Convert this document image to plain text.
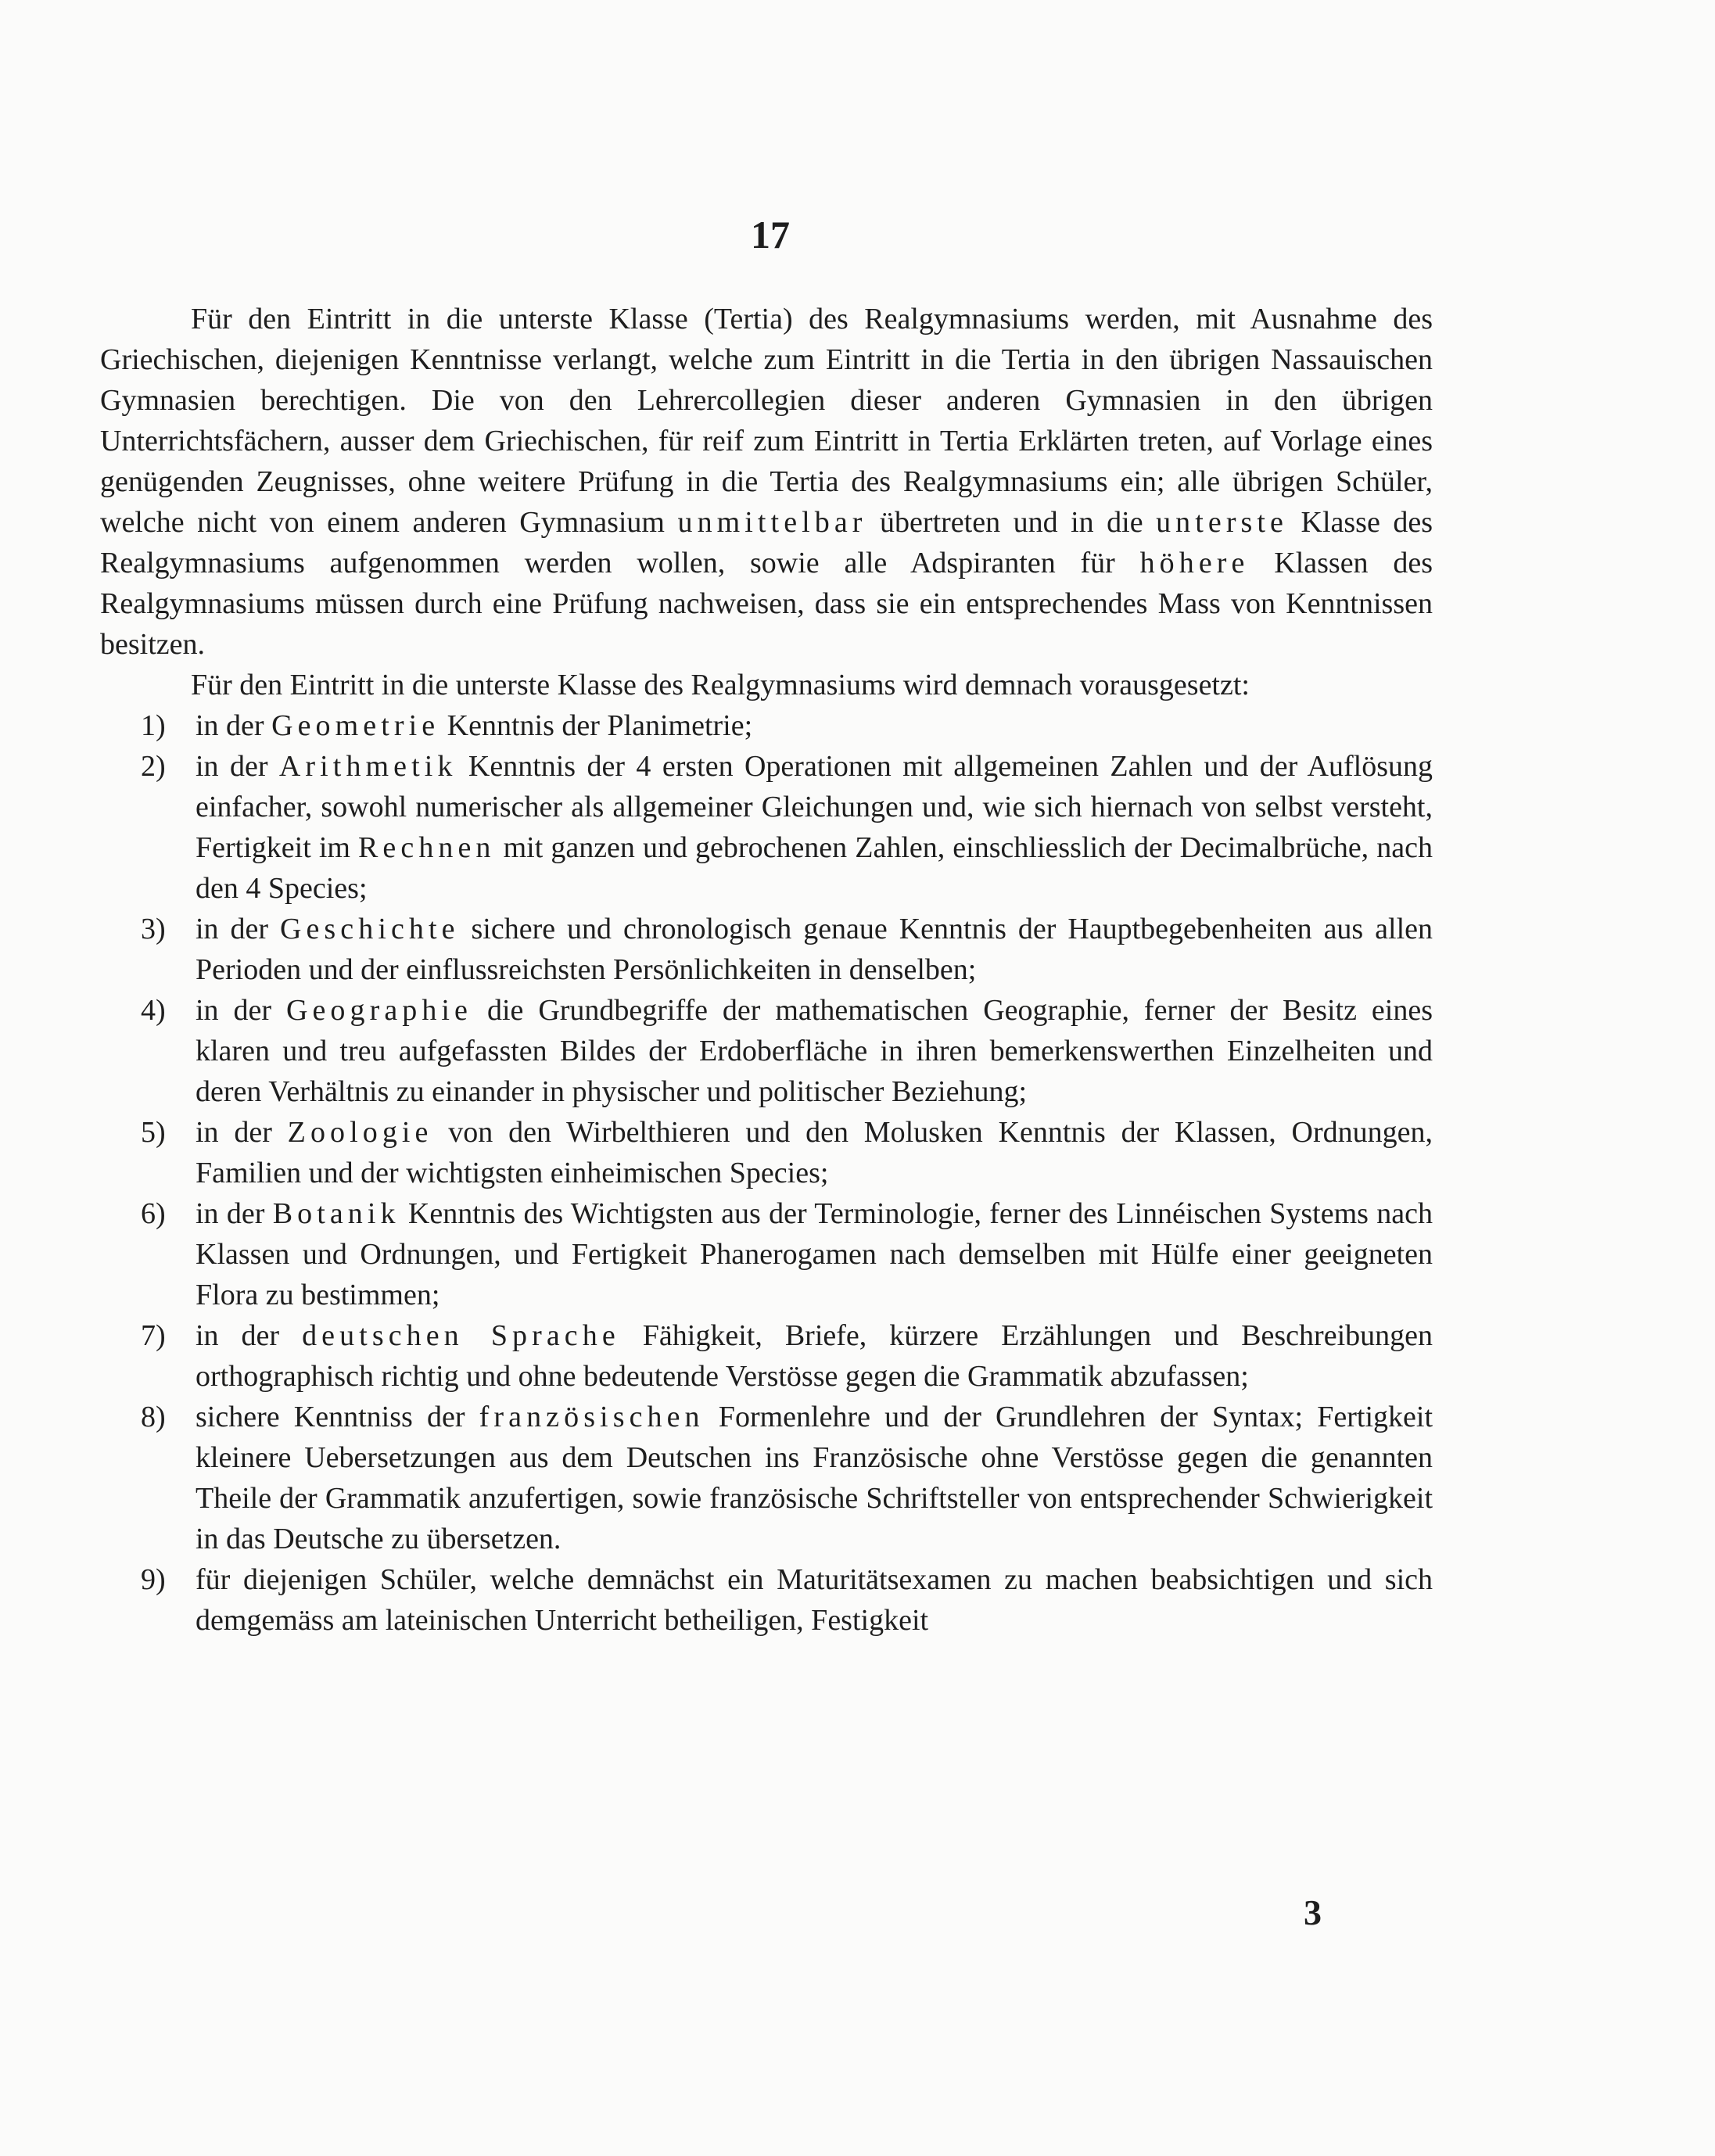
17

Für den Eintritt in die unterste Klasse (Tertia) des Realgymnasiums werden, mit Ausnahme des Griechischen, diejenigen Kenntnisse verlangt, welche zum Eintritt in die Tertia in den übrigen Nassauischen Gymnasien berechtigen. Die von den Lehrercollegien dieser anderen Gymnasien in den übrigen Unterrichtsfächern, ausser dem Griechischen, für reif zum Eintritt in Tertia Erklärten treten, auf Vorlage eines genügenden Zeugnisses, ohne weitere Prüfung in die Tertia des Realgymnasiums ein; alle übrigen Schüler, welche nicht von einem anderen Gymnasium unmittelbar übertreten und in die unterste Klasse des Realgymnasiums aufgenommen werden wollen, sowie alle Adspiranten für höhere Klassen des Realgymnasiums müssen durch eine Prüfung nachweisen, dass sie ein entsprechendes Mass von Kenntnissen besitzen.

Für den Eintritt in die unterste Klasse des Realgymnasiums wird demnach vorausgesetzt:

1)	in der Geometrie Kenntnis der Planimetrie;
2)	in der Arithmetik Kenntnis der 4 ersten Operationen mit allgemeinen Zahlen und der Auflösung einfacher, sowohl numerischer als allgemeiner Gleichungen und, wie sich hiernach von selbst versteht, Fertigkeit im Rechnen mit ganzen und gebrochenen Zahlen, einschliesslich der Decimalbrüche, nach den 4 Species;
3)	in der Geschichte sichere und chronologisch genaue Kenntnis der Hauptbegebenheiten aus allen Perioden und der einflussreichsten Persönlichkeiten in denselben;
4)	in der Geographie die Grundbegriffe der mathematischen Geographie, ferner der Besitz eines klaren und treu aufgefassten Bildes der Erdoberfläche in ihren bemerkenswerthen Einzelheiten und deren Verhältnis zu einander in physischer und politischer Beziehung;
5)	in der Zoologie von den Wirbelthieren und den Molusken Kenntnis der Klassen, Ordnungen, Familien und der wichtigsten einheimischen Species;
6)	in der Botanik Kenntnis des Wichtigsten aus der Terminologie, ferner des Linnéischen Systems nach Klassen und Ordnungen, und Fertigkeit Phanerogamen nach demselben mit Hülfe einer geeigneten Flora zu bestimmen;
7)	in der deutschen Sprache Fähigkeit, Briefe, kürzere Erzählungen und Beschreibungen orthographisch richtig und ohne bedeutende Verstösse gegen die Grammatik abzufassen;
8)	sichere Kenntniss der französischen Formenlehre und der Grundlehren der Syntax; Fertigkeit kleinere Uebersetzungen aus dem Deutschen ins Französische ohne Verstösse gegen die genannten Theile der Grammatik anzufertigen, sowie französische Schriftsteller von entsprechender Schwierigkeit in das Deutsche zu übersetzen.
9)	für diejenigen Schüler, welche demnächst ein Maturitätsexamen zu machen beabsichtigen und sich demgemäss am lateinischen Unterricht betheiligen, Festigkeit
3
